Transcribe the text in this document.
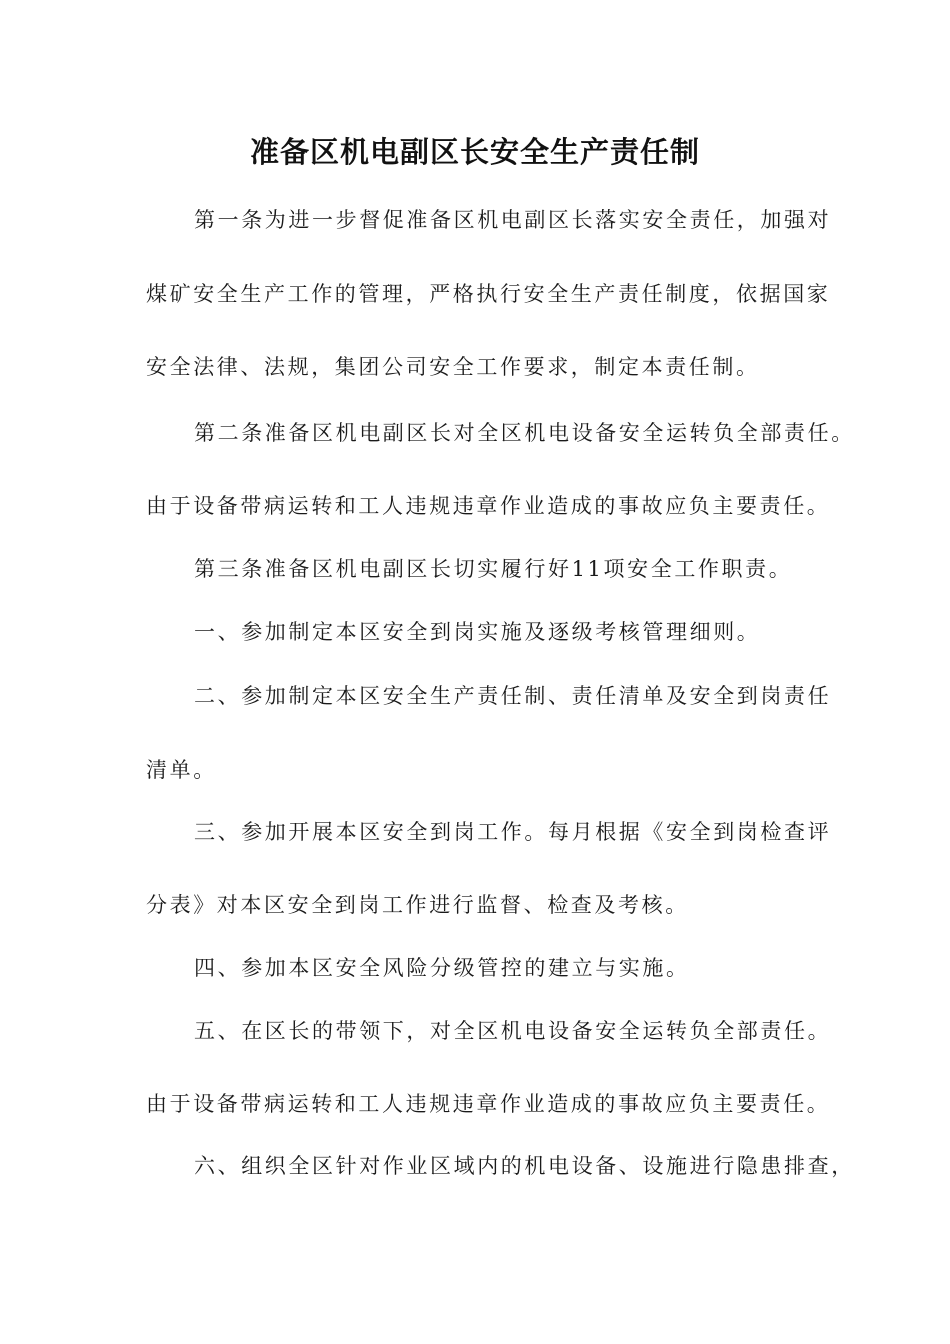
准备区机电副区长安全生产责任制

第一条为进一步督促准备区机电副区长落实安全责任，加强对

煤矿安全生产工作的管理，严格执行安全生产责任制度，依据国家

安全法律、法规，集团公司安全工作要求，制定本责任制。

第二条准备区机电副区长对全区机电设备安全运转负全部责任。

由于设备带病运转和工人违规违章作业造成的事故应负主要责任。

第三条准备区机电副区长切实履行好11项安全工作职责。

一、参加制定本区安全到岗实施及逐级考核管理细则。

二、参加制定本区安全生产责任制、责任清单及安全到岗责任

清单。

三、参加开展本区安全到岗工作。每月根据《安全到岗检查评

分表》对本区安全到岗工作进行监督、检查及考核。

四、参加本区安全风险分级管控的建立与实施。

五、在区长的带领下，对全区机电设备安全运转负全部责任。

由于设备带病运转和工人违规违章作业造成的事故应负主要责任。

六、组织全区针对作业区域内的机电设备、设施进行隐患排查，
